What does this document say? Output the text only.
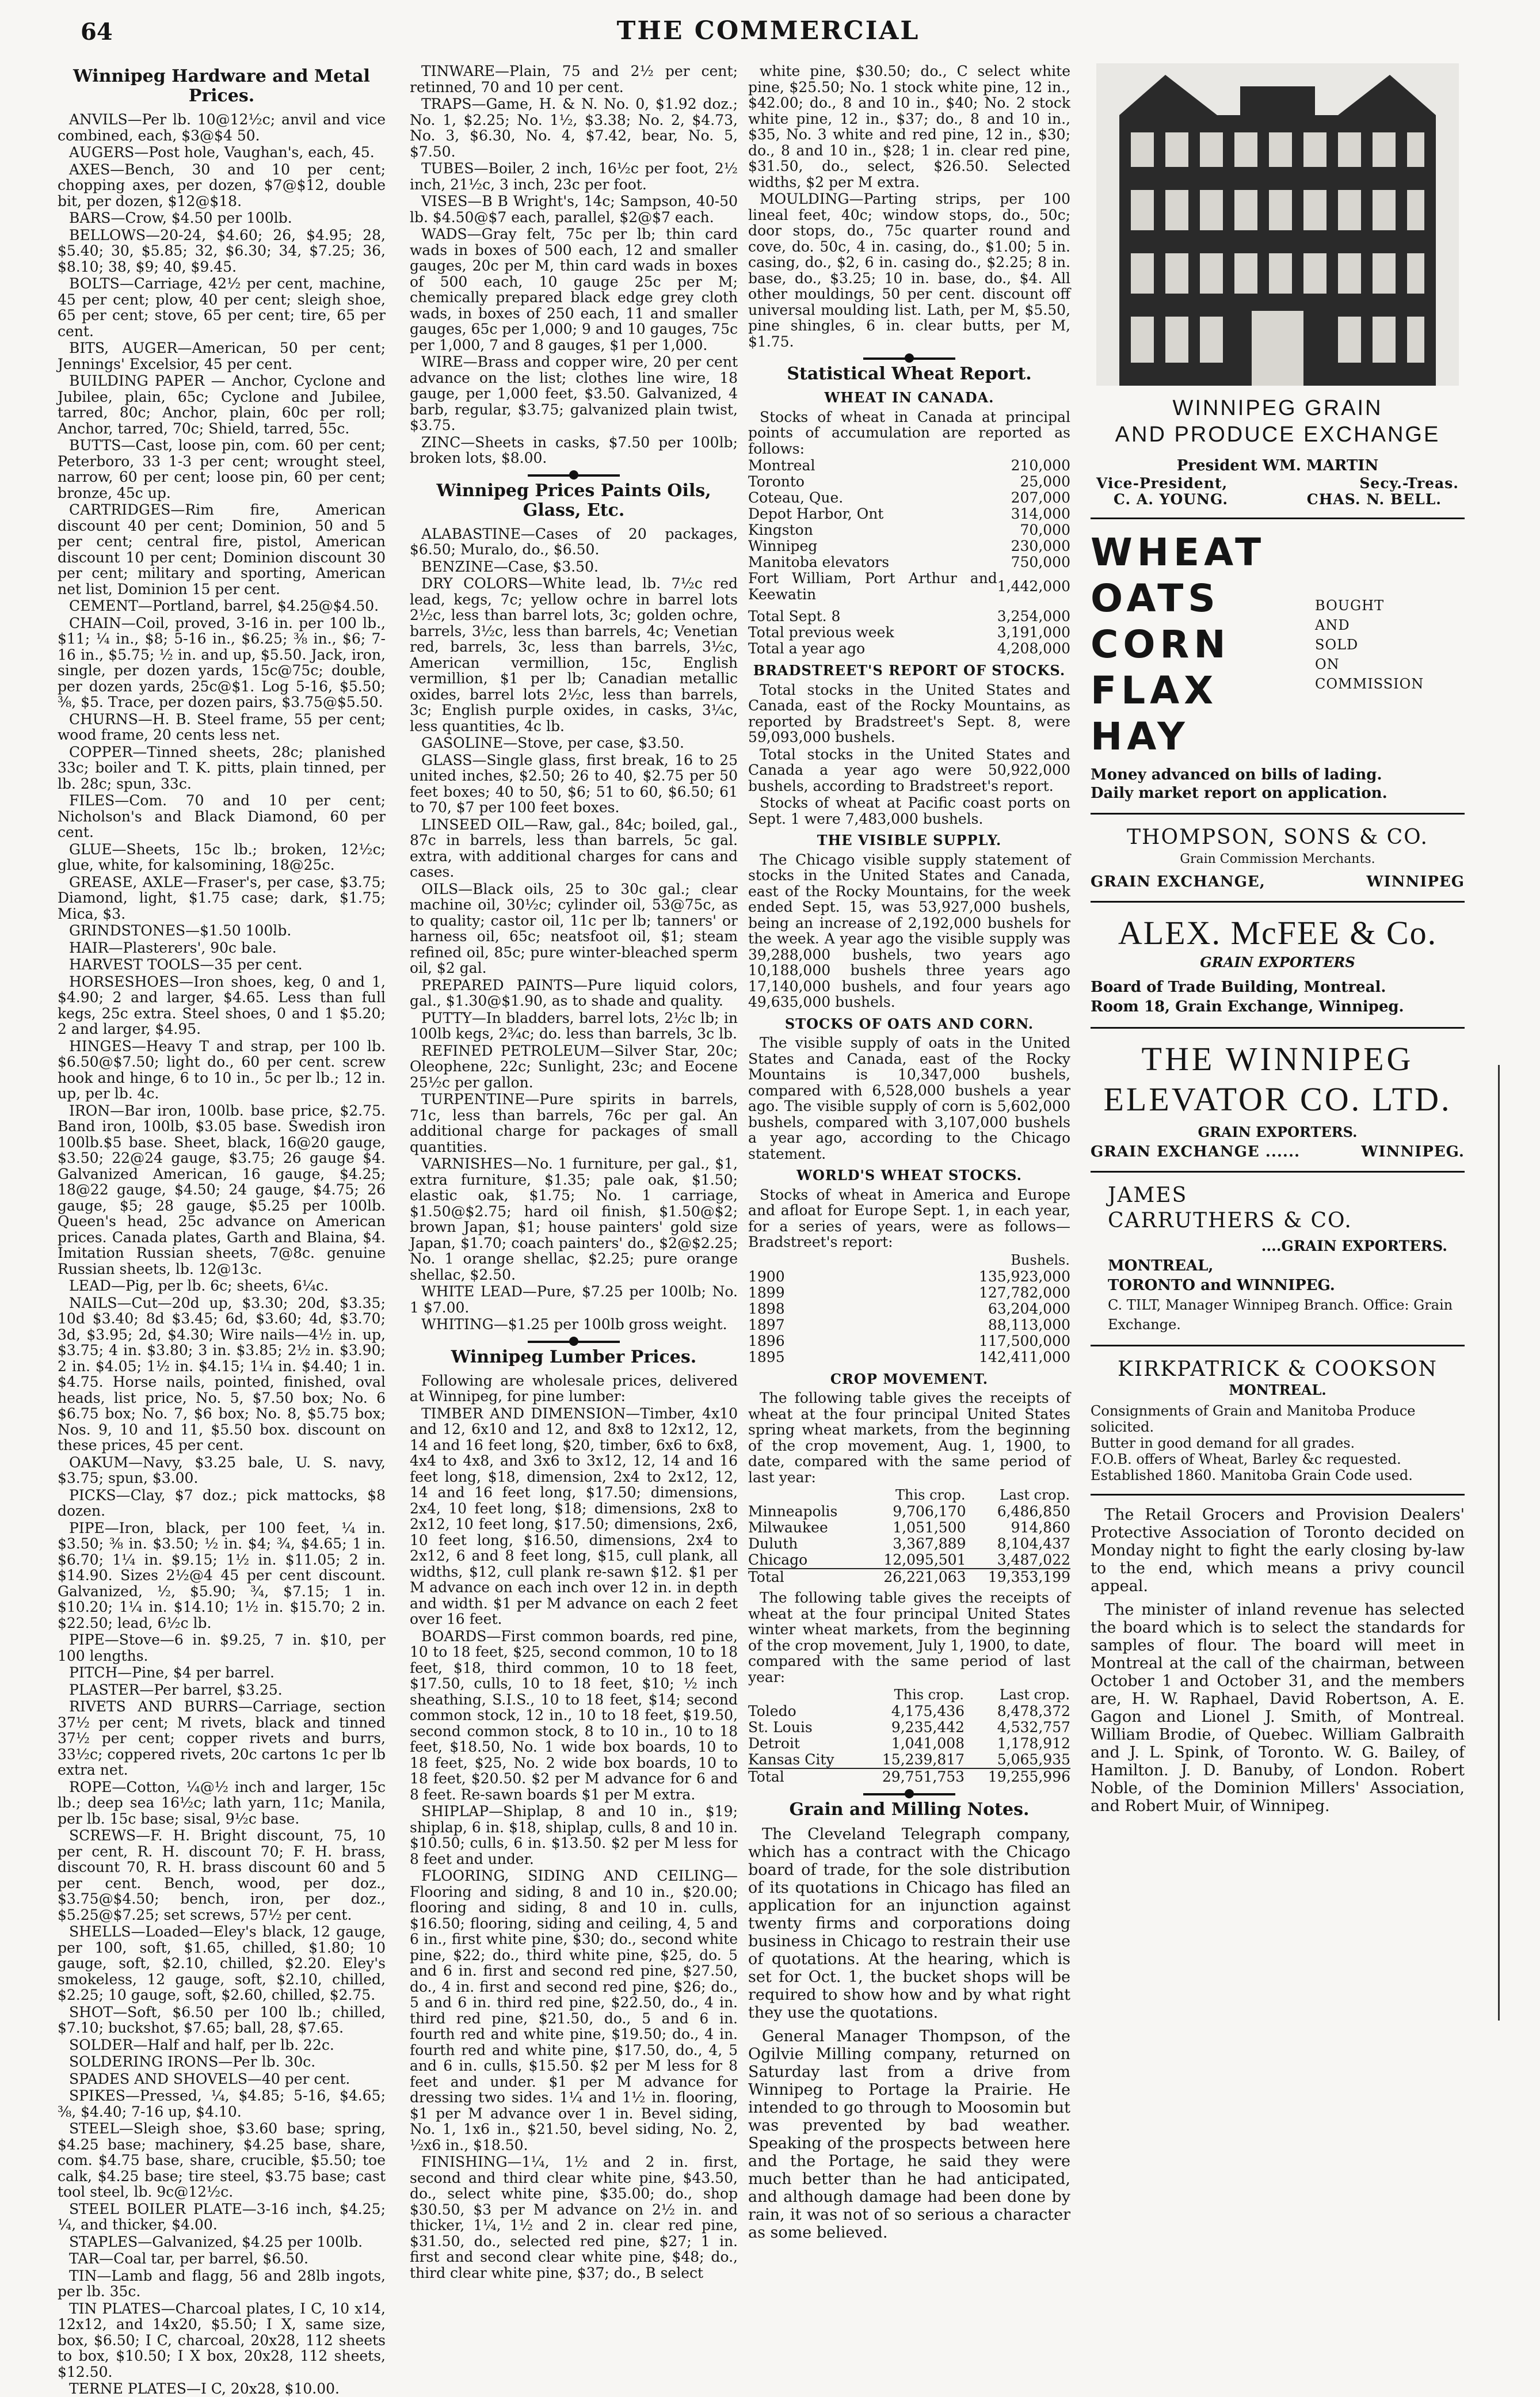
64	THE COMMERCIAL
Winnipeg Hardware and Metal Prices.

ANVILS—Per lb. 10@12½c; anvil and vice combined, each, $3@$4 50.

AUGERS—Post hole, Vaughan's, each, 45.

AXES—Bench, 30 and 10 per cent; chopping axes, per dozen, $7@$12, double bit, per dozen, $12@$18.

BARS—Crow, $4.50 per 100lb.

BELLOWS—20-24, $4.60; 26, $4.95; 28, $5.40; 30, $5.85; 32, $6.30; 34, $7.25; 36, $8.10; 38, $9; 40, $9.45.

BOLTS—Carriage, 42½ per cent, machine, 45 per cent; plow, 40 per cent; sleigh shoe, 65 per cent; stove, 65 per cent; tire, 65 per cent.

BITS, AUGER—American, 50 per cent; Jennings' Excelsior, 45 per cent.

BUILDING PAPER — Anchor, Cyclone and Jubilee, plain, 65c; Cyclone and Jubilee, tarred, 80c; Anchor, plain, 60c per roll; Anchor, tarred, 70c; Shield, tarred, 55c.

BUTTS—Cast, loose pin, com. 60 per cent; Peterboro, 33 1-3 per cent; wrought steel, narrow, 60 per cent; loose pin, 60 per cent; bronze, 45c up.

CARTRIDGES—Rim fire, American discount 40 per cent; Dominion, 50 and 5 per cent; central fire, pistol, American discount 10 per cent; Dominion discount 30 per cent; military and sporting, American net list, Dominion 15 per cent.

CEMENT—Portland, barrel, $4.25@$4.50.

CHAIN—Coil, proved, 3-16 in. per 100 lb., $11; ¼ in., $8; 5-16 in., $6.25; ⅜ in., $6; 7-16 in., $5.75; ½ in. and up, $5.50. Jack, iron, single, per dozen yards, 15c@75c; double, per dozen yards, 25c@$1. Log 5-16, $5.50; ⅜, $5. Trace, per dozen pairs, $3.75@$5.50.

CHURNS—H. B. Steel frame, 55 per cent; wood frame, 20 cents less net.

COPPER—Tinned sheets, 28c; planished 33c; boiler and T. K. pitts, plain tinned, per lb. 28c; spun, 33c.

FILES—Com. 70 and 10 per cent; Nicholson's and Black Diamond, 60 per cent.

GLUE—Sheets, 15c lb.; broken, 12½c; glue, white, for kalsomining, 18@25c.

GREASE, AXLE—Fraser's, per case, $3.75; Diamond, light, $1.75 case; dark, $1.75; Mica, $3.

GRINDSTONES—$1.50 100lb.

HAIR—Plasterers', 90c bale.

HARVEST TOOLS—35 per cent.

HORSESHOES—Iron shoes, keg, 0 and 1, $4.90; 2 and larger, $4.65. Less than full kegs, 25c extra. Steel shoes, 0 and 1 $5.20; 2 and larger, $4.95.

HINGES—Heavy T and strap, per 100 lb. $6.50@$7.50; light do., 60 per cent. screw hook and hinge, 6 to 10 in., 5c per lb.; 12 in. up, per lb. 4c.

IRON—Bar iron, 100lb. base price, $2.75. Band iron, 100lb, $3.05 base. Swedish iron 100lb.$5 base. Sheet, black, 16@20 gauge, $3.50; 22@24 gauge, $3.75; 26 gauge $4. Galvanized American, 16 gauge, $4.25; 18@22 gauge, $4.50; 24 gauge, $4.75; 26 gauge, $5; 28 gauge, $5.25 per 100lb. Queen's head, 25c advance on American prices. Canada plates, Garth and Blaina, $4. Imitation Russian sheets, 7@8c. genuine Russian sheets, lb. 12@13c.

LEAD—Pig, per lb. 6c; sheets, 6¼c.

NAILS—Cut—20d up, $3.30; 20d, $3.35; 10d $3.40; 8d $3.45; 6d, $3.60; 4d, $3.70; 3d, $3.95; 2d, $4.30; Wire nails—4½ in. up, $3.75; 4 in. $3.80; 3 in. $3.85; 2½ in. $3.90; 2 in. $4.05; 1½ in. $4.15; 1¼ in. $4.40; 1 in. $4.75. Horse nails, pointed, finished, oval heads, list price, No. 5, $7.50 box; No. 6 $6.75 box; No. 7, $6 box; No. 8, $5.75 box; Nos. 9, 10 and 11, $5.50 box. discount on these prices, 45 per cent.

OAKUM—Navy, $3.25 bale, U. S. navy, $3.75; spun, $3.00.

PICKS—Clay, $7 doz.; pick mattocks, $8 dozen.

PIPE—Iron, black, per 100 feet, ¼ in. $3.50; ⅜ in. $3.50; ½ in. $4; ¾, $4.65; 1 in. $6.70; 1¼ in. $9.15; 1½ in. $11.05; 2 in. $14.90. Sizes 2½@4 45 per cent discount. Galvanized, ½, $5.90; ¾, $7.15; 1 in. $10.20; 1¼ in. $14.10; 1½ in. $15.70; 2 in. $22.50; lead, 6½c lb.

PIPE—Stove—6 in. $9.25, 7 in. $10, per 100 lengths.

PITCH—Pine, $4 per barrel.

PLASTER—Per barrel, $3.25.

RIVETS AND BURRS—Carriage, section 37½ per cent; M rivets, black and tinned 37½ per cent; copper rivets and burrs, 33½c; coppered rivets, 20c cartons 1c per lb extra net.

ROPE—Cotton, ¼@½ inch and larger, 15c lb.; deep sea 16½c; lath yarn, 11c; Manila, per lb. 15c base; sisal, 9½c base.

SCREWS—F. H. Bright discount, 75, 10 per cent, R. H. discount 70; F. H. brass, discount 70, R. H. brass discount 60 and 5 per cent. Bench, wood, per doz., $3.75@$4.50; bench, iron, per doz., $5.25@$7.25; set screws, 57½ per cent.

SHELLS—Loaded—Eley's black, 12 gauge, per 100, soft, $1.65, chilled, $1.80; 10 gauge, soft, $2.10, chilled, $2.20. Eley's smokeless, 12 gauge, soft, $2.10, chilled, $2.25; 10 gauge, soft, $2.60, chilled, $2.75.

SHOT—Soft, $6.50 per 100 lb.; chilled, $7.10; buckshot, $7.65; ball, 28, $7.65.

SOLDER—Half and half, per lb. 22c.

SOLDERING IRONS—Per lb. 30c.

SPADES AND SHOVELS—40 per cent.

SPIKES—Pressed, ¼, $4.85; 5-16, $4.65; ⅜, $4.40; 7-16 up, $4.10.

STEEL—Sleigh shoe, $3.60 base; spring, $4.25 base; machinery, $4.25 base, share, com. $4.75 base, share, crucible, $5.50; toe calk, $4.25 base; tire steel, $3.75 base; cast tool steel, lb. 9c@12½c.

STEEL BOILER PLATE—3-16 inch, $4.25; ¼, and thicker, $4.00.

STAPLES—Galvanized, $4.25 per 100lb.

TAR—Coal tar, per barrel, $6.50.

TIN—Lamb and flagg, 56 and 28lb ingots, per lb. 35c.

TIN PLATES—Charcoal plates, I C, 10 x14, 12x12, and 14x20, $5.50; I X, same size, box, $6.50; I C, charcoal, 20x28, 112 sheets to box, $10.50; I X box, 20x28, 112 sheets, $12.50.

TERNE PLATES—I C, 20x28, $10.00.

TINWARE—Plain, 75 and 2½ per cent; retinned, 70 and 10 per cent.

TRAPS—Game, H. & N. No. 0, $1.92 doz.; No. 1, $2.25; No. 1½, $3.38; No. 2, $4.73, No. 3, $6.30, No. 4, $7.42, bear, No. 5, $7.50.

TUBES—Boiler, 2 inch, 16½c per foot, 2½ inch, 21½c, 3 inch, 23c per foot.

VISES—B B Wright's, 14c; Sampson, 40-50 lb. $4.50@$7 each, parallel, $2@$7 each.

WADS—Gray felt, 75c per lb; thin card wads in boxes of 500 each, 12 and smaller gauges, 20c per M, thin card wads in boxes of 500 each, 10 gauge 25c per M; chemically prepared black edge grey cloth wads, in boxes of 250 each, 11 and smaller gauges, 65c per 1,000; 9 and 10 gauges, 75c per 1,000, 7 and 8 gauges, $1 per 1,000.

WIRE—Brass and copper wire, 20 per cent advance on the list; clothes line wire, 18 gauge, per 1,000 feet, $3.50. Galvanized, 4 barb, regular, $3.75; galvanized plain twist, $3.75.

ZINC—Sheets in casks, $7.50 per 100lb; broken lots, $8.00.

Winnipeg Prices Paints Oils, Glass, Etc.

ALABASTINE—Cases of 20 packages, $6.50; Muralo, do., $6.50.

BENZINE—Case, $3.50.

DRY COLORS—White lead, lb. 7½c red lead, kegs, 7c; yellow ochre in barrel lots 2½c, less than barrel lots, 3c; golden ochre, barrels, 3½c, less than barrels, 4c; Venetian red, barrels, 3c, less than barrels, 3½c, American vermillion, 15c, English vermillion, $1 per lb; Canadian metallic oxides, barrel lots 2½c, less than barrels, 3c; English purple oxides, in casks, 3¼c, less quantities, 4c lb.

GASOLINE—Stove, per case, $3.50.

GLASS—Single glass, first break, 16 to 25 united inches, $2.50; 26 to 40, $2.75 per 50 feet boxes; 40 to 50, $6; 51 to 60, $6.50; 61 to 70, $7 per 100 feet boxes.

LINSEED OIL—Raw, gal., 84c; boiled, gal., 87c in barrels, less than barrels, 5c gal. extra, with additional charges for cans and cases.

OILS—Black oils, 25 to 30c gal.; clear machine oil, 30½c; cylinder oil, 53@75c, as to quality; castor oil, 11c per lb; tanners' or harness oil, 65c; neatsfoot oil, $1; steam refined oil, 85c; pure winter-bleached sperm oil, $2 gal.

PREPARED PAINTS—Pure liquid colors, gal., $1.30@$1.90, as to shade and quality.

PUTTY—In bladders, barrel lots, 2½c lb; in 100lb kegs, 2¾c; do. less than barrels, 3c lb.

REFINED PETROLEUM—Silver Star, 20c; Oleophene, 22c; Sunlight, 23c; and Eocene 25½c per gallon.

TURPENTINE—Pure spirits in barrels, 71c, less than barrels, 76c per gal. An additional charge for packages of small quantities.

VARNISHES—No. 1 furniture, per gal., $1, extra furniture, $1.35; pale oak, $1.50; elastic oak, $1.75; No. 1 carriage, $1.50@$2.75; hard oil finish, $1.50@$2; brown Japan, $1; house painters' gold size Japan, $1.70; coach painters' do., $2@$2.25; No. 1 orange shellac, $2.25; pure orange shellac, $2.50.

WHITE LEAD—Pure, $7.25 per 100lb; No. 1 $7.00.

WHITING—$1.25 per 100lb gross weight.

Winnipeg Lumber Prices.

Following are wholesale prices, delivered at Winnipeg, for pine lumber:

TIMBER AND DIMENSION—Timber, 4x10 and 12, 6x10 and 12, and 8x8 to 12x12, 12, 14 and 16 feet long, $20, timber, 6x6 to 6x8, 4x4 to 4x8, and 3x6 to 3x12, 12, 14 and 16 feet long, $18, dimension, 2x4 to 2x12, 12, 14 and 16 feet long, $17.50; dimensions, 2x4, 10 feet long, $18; dimensions, 2x8 to 2x12, 10 feet long, $17.50; dimensions, 2x6, 10 feet long, $16.50, dimensions, 2x4 to 2x12, 6 and 8 feet long, $15, cull plank, all widths, $12, cull plank re-sawn $12. $1 per M advance on each inch over 12 in. in depth and width. $1 per M advance on each 2 feet over 16 feet.

BOARDS—First common boards, red pine, 10 to 18 feet, $25, second common, 10 to 18 feet, $18, third common, 10 to 18 feet, $17.50, culls, 10 to 18 feet, $10; ½ inch sheathing, S.I.S., 10 to 18 feet, $14; second common stock, 12 in., 10 to 18 feet, $19.50, second common stock, 8 to 10 in., 10 to 18 feet, $18.50, No. 1 wide box boards, 10 to 18 feet, $25, No. 2 wide box boards, 10 to 18 feet, $20.50. $2 per M advance for 6 and 8 feet. Re-sawn boards $1 per M extra.

SHIPLAP—Shiplap, 8 and 10 in., $19; shiplap, 6 in. $18, shiplap, culls, 8 and 10 in. $10.50; culls, 6 in. $13.50. $2 per M less for 8 feet and under.

FLOORING, SIDING AND CEILING—Flooring and siding, 8 and 10 in., $20.00; flooring and siding, 8 and 10 in. culls, $16.50; flooring, siding and ceiling, 4, 5 and 6 in., first white pine, $30; do., second white pine, $22; do., third white pine, $25, do. 5 and 6 in. first and second red pine, $27.50, do., 4 in. first and second red pine, $26; do., 5 and 6 in. third red pine, $22.50, do., 4 in. third red pine, $21.50, do., 5 and 6 in. fourth red and white pine, $19.50; do., 4 in. fourth red and white pine, $17.50, do., 4, 5 and 6 in. culls, $15.50. $2 per M less for 8 feet and under. $1 per M advance for dressing two sides. 1¼ and 1½ in. flooring, $1 per M advance over 1 in. Bevel siding, No. 1, 1x6 in., $21.50, bevel siding, No. 2, ½x6 in., $18.50.

FINISHING—1¼, 1½ and 2 in. first, second and third clear white pine, $43.50, do., select white pine, $35.00; do., shop $30.50, $3 per M advance on 2½ in. and thicker, 1¼, 1½ and 2 in. clear red pine, $31.50, do., selected red pine, $27; 1 in. first and second clear white pine, $48; do., third clear white pine, $37; do., B select

white pine, $30.50; do., C select white pine, $25.50; No. 1 stock white pine, 12 in., $42.00; do., 8 and 10 in., $40; No. 2 stock white pine, 12 in., $37; do., 8 and 10 in., $35, No. 3 white and red pine, 12 in., $30; do., 8 and 10 in., $28; 1 in. clear red pine, $31.50, do., select, $26.50. Selected widths, $2 per M extra.

MOULDING—Parting strips, per 100 lineal feet, 40c; window stops, do., 50c; door stops, do., 75c quarter round and cove, do. 50c, 4 in. casing, do., $1.00; 5 in. casing, do., $2, 6 in. casing do., $2.25; 8 in. base, do., $3.25; 10 in. base, do., $4. All other mouldings, 50 per cent. discount off universal moulding list. Lath, per M, $5.50, pine shingles, 6 in. clear butts, per M, $1.75.

Statistical Wheat Report.
WHEAT IN CANADA.

Stocks of wheat in Canada at principal points of accumulation are reported as follows:

Montreal	210,000
Toronto	25,000
Coteau, Que.	207,000
Depot Harbor, Ont	314,000
Kingston	70,000
Winnipeg	230,000
Manitoba elevators	750,000
Fort William, Port Arthur and Keewatin	1,442,000
Total Sept. 8	3,254,000
Total previous week	3,191,000
Total a year ago	4,208,000
BRADSTREET'S REPORT OF STOCKS.

Total stocks in the United States and Canada, east of the Rocky Mountains, as reported by Bradstreet's Sept. 8, were 59,093,000 bushels.

Total stocks in the United States and Canada a year ago were 50,922,000 bushels, according to Bradstreet's report.

Stocks of wheat at Pacific coast ports on Sept. 1 were 7,483,000 bushels.

THE VISIBLE SUPPLY.

The Chicago visible supply statement of stocks in the United States and Canada, east of the Rocky Mountains, for the week ended Sept. 15, was 53,927,000 bushels, being an increase of 2,192,000 bushels for the week. A year ago the visible supply was 39,288,000 bushels, two years ago 10,188,000 bushels three years ago 17,140,000 bushels, and four years ago 49,635,000 bushels.

STOCKS OF OATS AND CORN.

The visible supply of oats in the United States and Canada, east of the Rocky Mountains is 10,347,000 bushels, compared with 6,528,000 bushels a year ago. The visible supply of corn is 5,602,000 bushels, compared with 3,107,000 bushels a year ago, according to the Chicago statement.

WORLD'S WHEAT STOCKS.

Stocks of wheat in America and Europe and afloat for Europe Sept. 1, in each year, for a series of years, were as follows—Bradstreet's report:

	Bushels.
1900	135,923,000
1899	127,782,000
1898	63,204,000
1897	88,113,000
1896	117,500,000
1895	142,411,000
CROP MOVEMENT.

The following table gives the receipts of wheat at the four principal United States spring wheat markets, from the beginning of the crop movement, Aug. 1, 1900, to date, compared with the same period of last year:

	This crop.	Last crop.
Minneapolis	9,706,170	6,486,850
Milwaukee	1,051,500	914,860
Duluth	3,367,889	8,104,437
Chicago	12,095,501	3,487,022
Total	26,221,063	19,353,199

The following table gives the receipts of wheat at the four principal United States winter wheat markets, from the beginning of the crop movement, July 1, 1900, to date, compared with the same period of last year:

	This crop.	Last crop.
Toledo	4,175,436	8,478,372
St. Louis	9,235,442	4,532,757
Detroit	1,041,008	1,178,912
Kansas City	15,239,817	5,065,935
Total	29,751,753	19,255,996
Grain and Milling Notes.

The Cleveland Telegraph company, which has a contract with the Chicago board of trade, for the sole distribution of its quotations in Chicago has filed an application for an injunction against twenty firms and corporations doing business in Chicago to restrain their use of quotations. At the hearing, which is set for Oct. 1, the bucket shops will be required to show how and by what right they use the quotations.

General Manager Thompson, of the Ogilvie Milling company, returned on Saturday last from a drive from Winnipeg to Portage la Prairie. He intended to go through to Moosomin but was prevented by bad weather. Speaking of the prospects between here and the Portage, he said they were much better than he had anticipated, and although damage had been done by rain, it was not of so serious a character as some believed.

WINNIPEG GRAIN
AND PRODUCE EXCHANGE
President WM. MARTIN
Vice-President,	Secy.-Treas.
C. A. YOUNG.	CHAS. N. BELL.
WHEAT
OATS
CORN
FLAX
HAY
BOUGHT
AND
SOLD
ON
COMMISSION
Money advanced on bills of lading.
Daily market report on application.
THOMPSON, SONS & CO.
Grain Commission Merchants.
GRAIN EXCHANGE,	WINNIPEG
ALEX. McFEE & Co.
GRAIN EXPORTERS
Board of Trade Building, Montreal.
Room 18, Grain Exchange, Winnipeg.
THE WINNIPEG
ELEVATOR CO. LTD.
GRAIN EXPORTERS.
GRAIN EXCHANGE ......	WINNIPEG.
JAMES
CARRUTHERS & CO.
....GRAIN EXPORTERS.
MONTREAL,
TORONTO and WINNIPEG.
C. TILT, Manager Winnipeg Branch. Office: Grain Exchange.
KIRKPATRICK & COOKSON
MONTREAL.
Consignments of Grain and Manitoba Produce solicited.
Butter in good demand for all grades.
F.O.B. offers of Wheat, Barley &c requested.
Established 1860. Manitoba Grain Code used.

The Retail Grocers and Provision Dealers' Protective Association of Toronto decided on Monday night to fight the early closing by-law to the end, which means a privy council appeal.

The minister of inland revenue has selected the board which is to select the standards for samples of flour. The board will meet in Montreal at the call of the chairman, between October 1 and October 31, and the members are, H. W. Raphael, David Robertson, A. E. Gagon and Lionel J. Smith, of Montreal. William Brodie, of Quebec. William Galbraith and J. L. Spink, of Toronto. W. G. Bailey, of Hamilton. J. D. Banuby, of London. Robert Noble, of the Dominion Millers' Association, and Robert Muir, of Winnipeg.
